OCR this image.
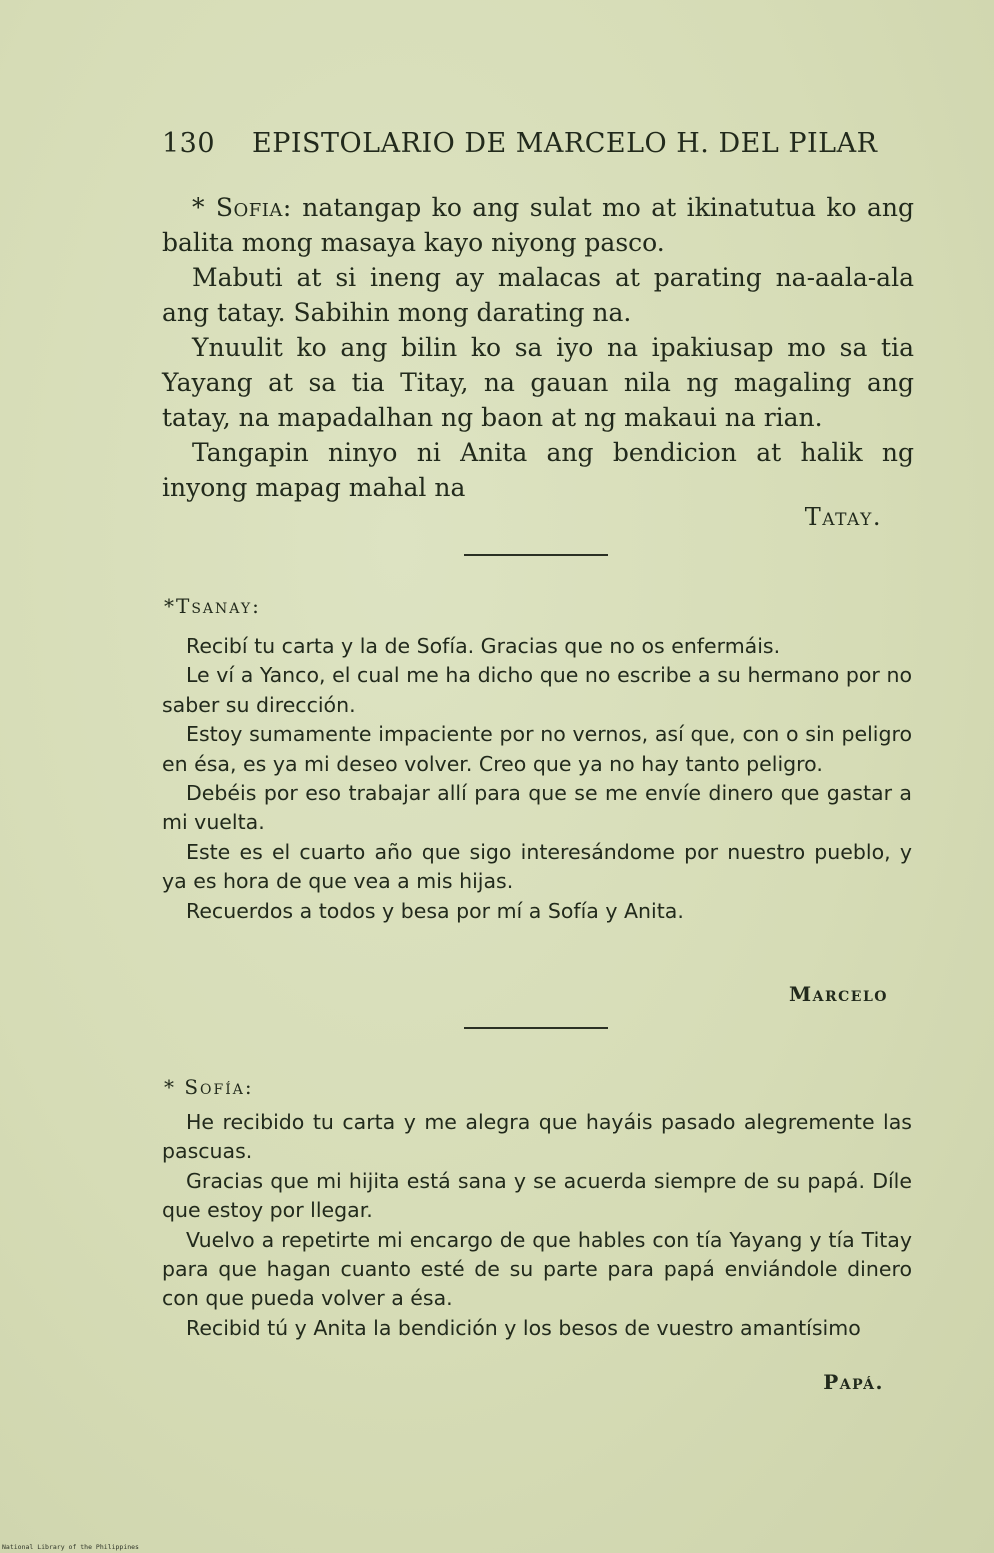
130 EPISTOLARIO DE MARCELO H. DEL PILAR

* Sofia: natangap ko ang sulat mo at ikinatutua ko ang balita mong masaya kayo niyong pasco.

Mabuti at si ineng ay malacas at parating na-aala-ala ang tatay. Sabihin mong darating na.

Ynuulit ko ang bilin ko sa iyo na ipakiusap mo sa tia Yayang at sa tia Titay, na gauan nila ng magaling ang tatay, na mapadalhan ng baon at ng makaui na rian.

Tangapin ninyo ni Anita ang bendicion at halik ng inyong mapag mahal na

Tatay.
*Tsanay:

Recibí tu carta y la de Sofía. Gracias que no os enfermáis.

Le ví a Yanco, el cual me ha dicho que no escribe a su hermano por no saber su dirección.

Estoy sumamente impaciente por no vernos, así que, con o sin peligro en ésa, es ya mi deseo volver. Creo que ya no hay tanto peligro.

Debéis por eso trabajar allí para que se me envíe dinero que gastar a mi vuelta.

Este es el cuarto año que sigo interesándome por nuestro pueblo, y ya es hora de que vea a mis hijas.

Recuerdos a todos y besa por mí a Sofía y Anita.

Marcelo
* Sofía:

He recibido tu carta y me alegra que hayáis pasado alegremente las pascuas.

Gracias que mi hijita está sana y se acuerda siempre de su papá. Díle que estoy por llegar.

Vuelvo a repetirte mi encargo de que hables con tía Yayang y tía Titay para que hagan cuanto esté de su parte para papá enviándole dinero con que pueda volver a ésa.

Recibid tú y Anita la bendición y los besos de vuestro amantísimo

Papá.
National Library of the Philippines
